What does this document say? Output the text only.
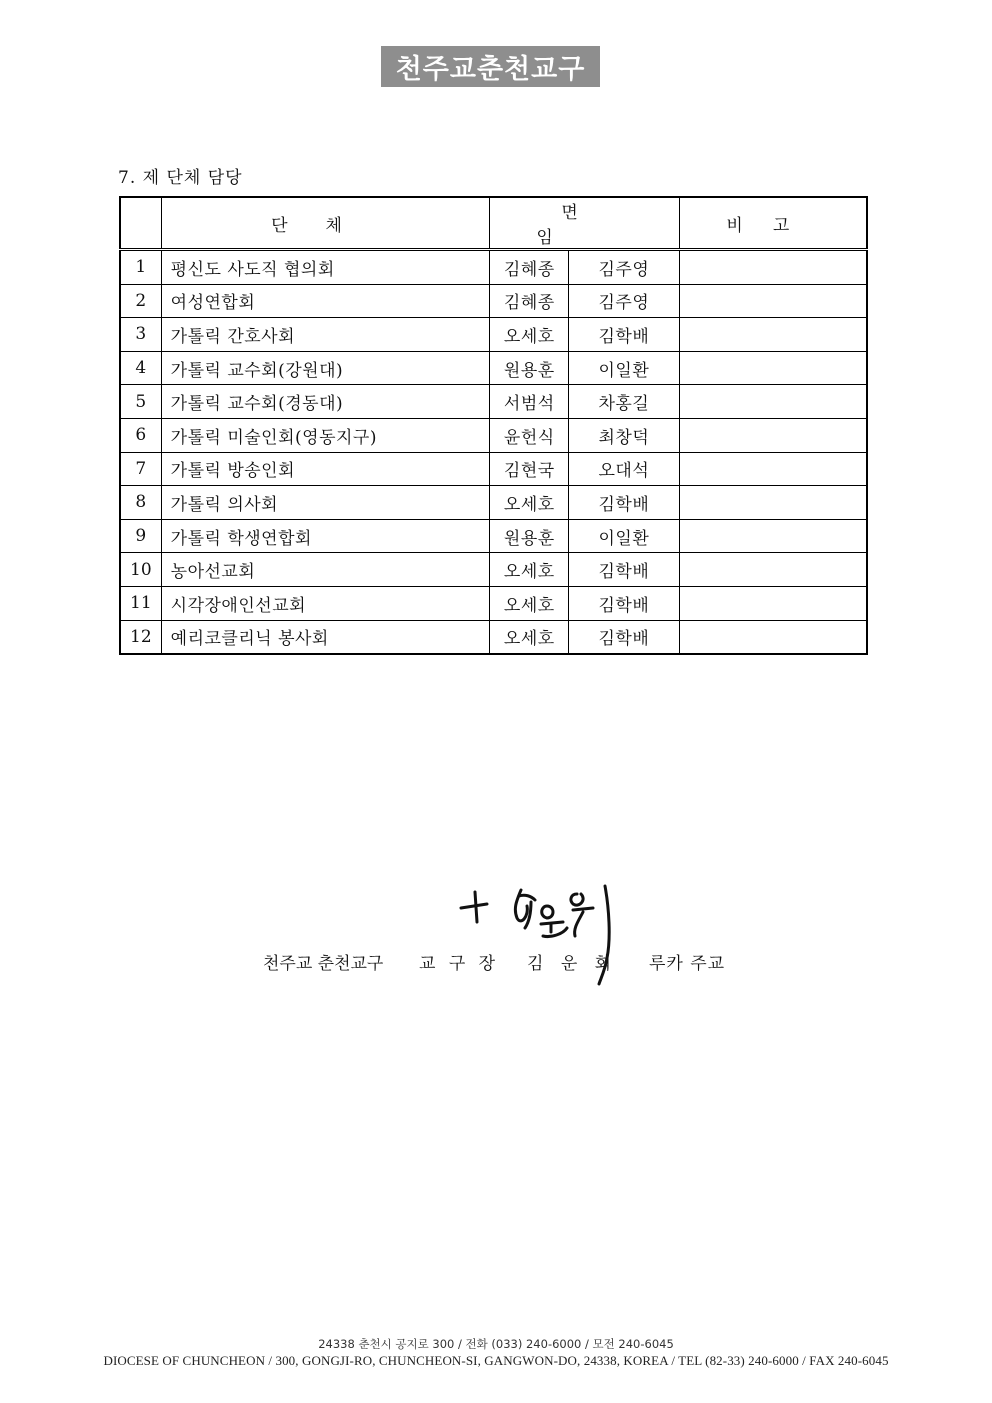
천주교춘천교구
7. 제 단체 담당
	단체	면임		비고
1	평신도 사도직 협의회	김혜종	김주영	
2	여성연합회	김혜종	김주영	
3	가톨릭 간호사회	오세호	김학배	
4	가톨릭 교수회(강원대)	원용훈	이일환	
5	가톨릭 교수회(경동대)	서범석	차홍길	
6	가톨릭 미술인회(영동지구)	윤헌식	최창덕	
7	가톨릭 방송인회	김현국	오대석	
8	가톨릭 의사회	오세호	김학배	
9	가톨릭 학생연합회	원용훈	이일환	
10	농아선교회	오세호	김학배	
11	시각장애인선교회	오세호	김학배	
12	예리코클리닉 봉사회	오세호	김학배	
천주교 춘천교구 교 구 장 김 운 회 루카 주교
24338 춘천시 공지로 300 / 전화 (033) 240-6000 / 모전 240-6045
DIOCESE OF CHUNCHEON / 300, GONGJI-RO, CHUNCHEON-SI, GANGWON-DO, 24338, KOREA / TEL (82-33) 240-6000 / FAX 240-6045
